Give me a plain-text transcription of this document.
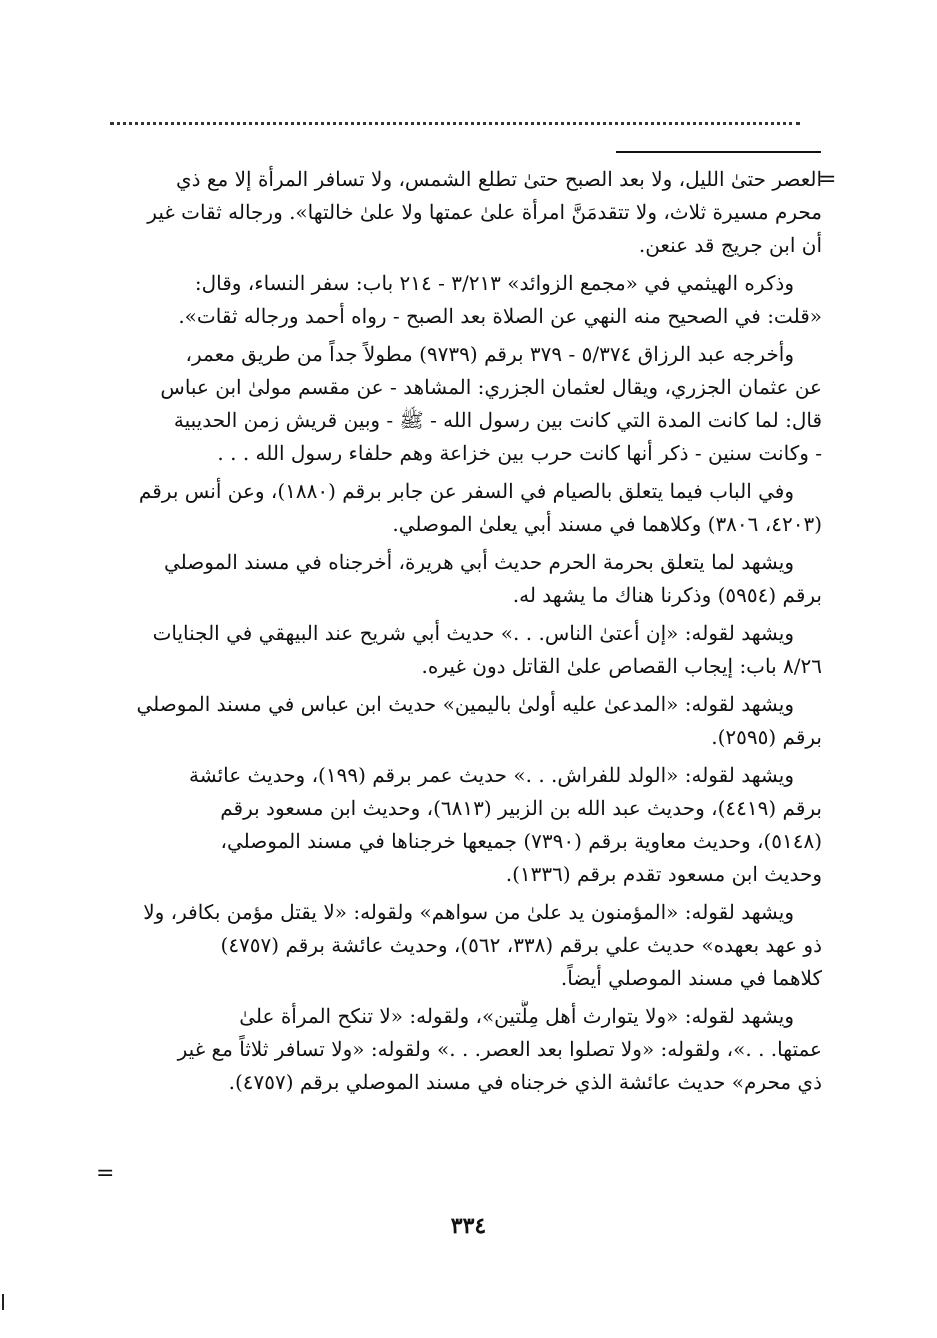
=
العصر حتىٰ الليل، ولا بعد الصبح حتىٰ تطلع الشمس، ولا تسافر المرأة إلا مع ذي
محرم مسيرة ثلاث، ولا تتقدمَنَّ امرأة علىٰ عمتها ولا علىٰ خالتها». ورجاله ثقات غير
أن ابن جريج قد عنعن.
وذكره الهيثمي في «مجمع الزوائد» ٣/٢١٣ - ٢١٤ باب: سفر النساء، وقال:
«قلت: في الصحيح منه النهي عن الصلاة بعد الصبح - رواه أحمد ورجاله ثقات».
وأخرجه عبد الرزاق ٥/٣٧٤ - ٣٧٩ برقم (٩٧٣٩) مطولاً جداً من طريق معمر،
عن عثمان الجزري، ويقال لعثمان الجزري: المشاهد - عن مقسم مولىٰ ابن عباس
قال: لما كانت المدة التي كانت بين رسول الله - ﷺ - وبين قريش زمن الحديبية
- وكانت سنين - ذكر أنها كانت حرب بين خزاعة وهم حلفاء رسول الله . . .
وفي الباب فيما يتعلق بالصيام في السفر عن جابر برقم (١٨٨٠)، وعن أنس برقم
(٤٢٠٣، ٣٨٠٦) وكلاهما في مسند أبي يعلىٰ الموصلي.
ويشهد لما يتعلق بحرمة الحرم حديث أبي هريرة، أخرجناه في مسند الموصلي
برقم (٥٩٥٤) وذكرنا هناك ما يشهد له.
ويشهد لقوله: «إن أعتىٰ الناس. . .» حديث أبي شريح عند البيهقي في الجنايات
٨/٢٦ باب: إيجاب القصاص علىٰ القاتل دون غيره.
ويشهد لقوله: «المدعىٰ عليه أولىٰ باليمين» حديث ابن عباس في مسند الموصلي
برقم (٢٥٩٥).
ويشهد لقوله: «الولد للفراش. . .» حديث عمر برقم (١٩٩)، وحديث عائشة
برقم (٤٤١٩)، وحديث عبد الله بن الزبير (٦٨١٣)، وحديث ابن مسعود برقم
(٥١٤٨)، وحديث معاوية برقم (٧٣٩٠) جميعها خرجناها في مسند الموصلي،
وحديث ابن مسعود تقدم برقم (١٣٣٦).
ويشهد لقوله: «المؤمنون يد علىٰ من سواهم» ولقوله: «لا يقتل مؤمن بكافر، ولا
ذو عهد بعهده» حديث علي برقم (٣٣٨، ٥٦٢)، وحديث عائشة برقم (٤٧٥٧)
كلاهما في مسند الموصلي أيضاً.
ويشهد لقوله: «ولا يتوارث أهل مِلَّتين»، ولقوله: «لا تنكح المرأة علىٰ
عمتها. . .»، ولقوله: «ولا تصلوا بعد العصر. . .» ولقوله: «ولا تسافر ثلاثاً مع غير
ذي محرم» حديث عائشة الذي خرجناه في مسند الموصلي برقم (٤٧٥٧).
=
٣٣٤
